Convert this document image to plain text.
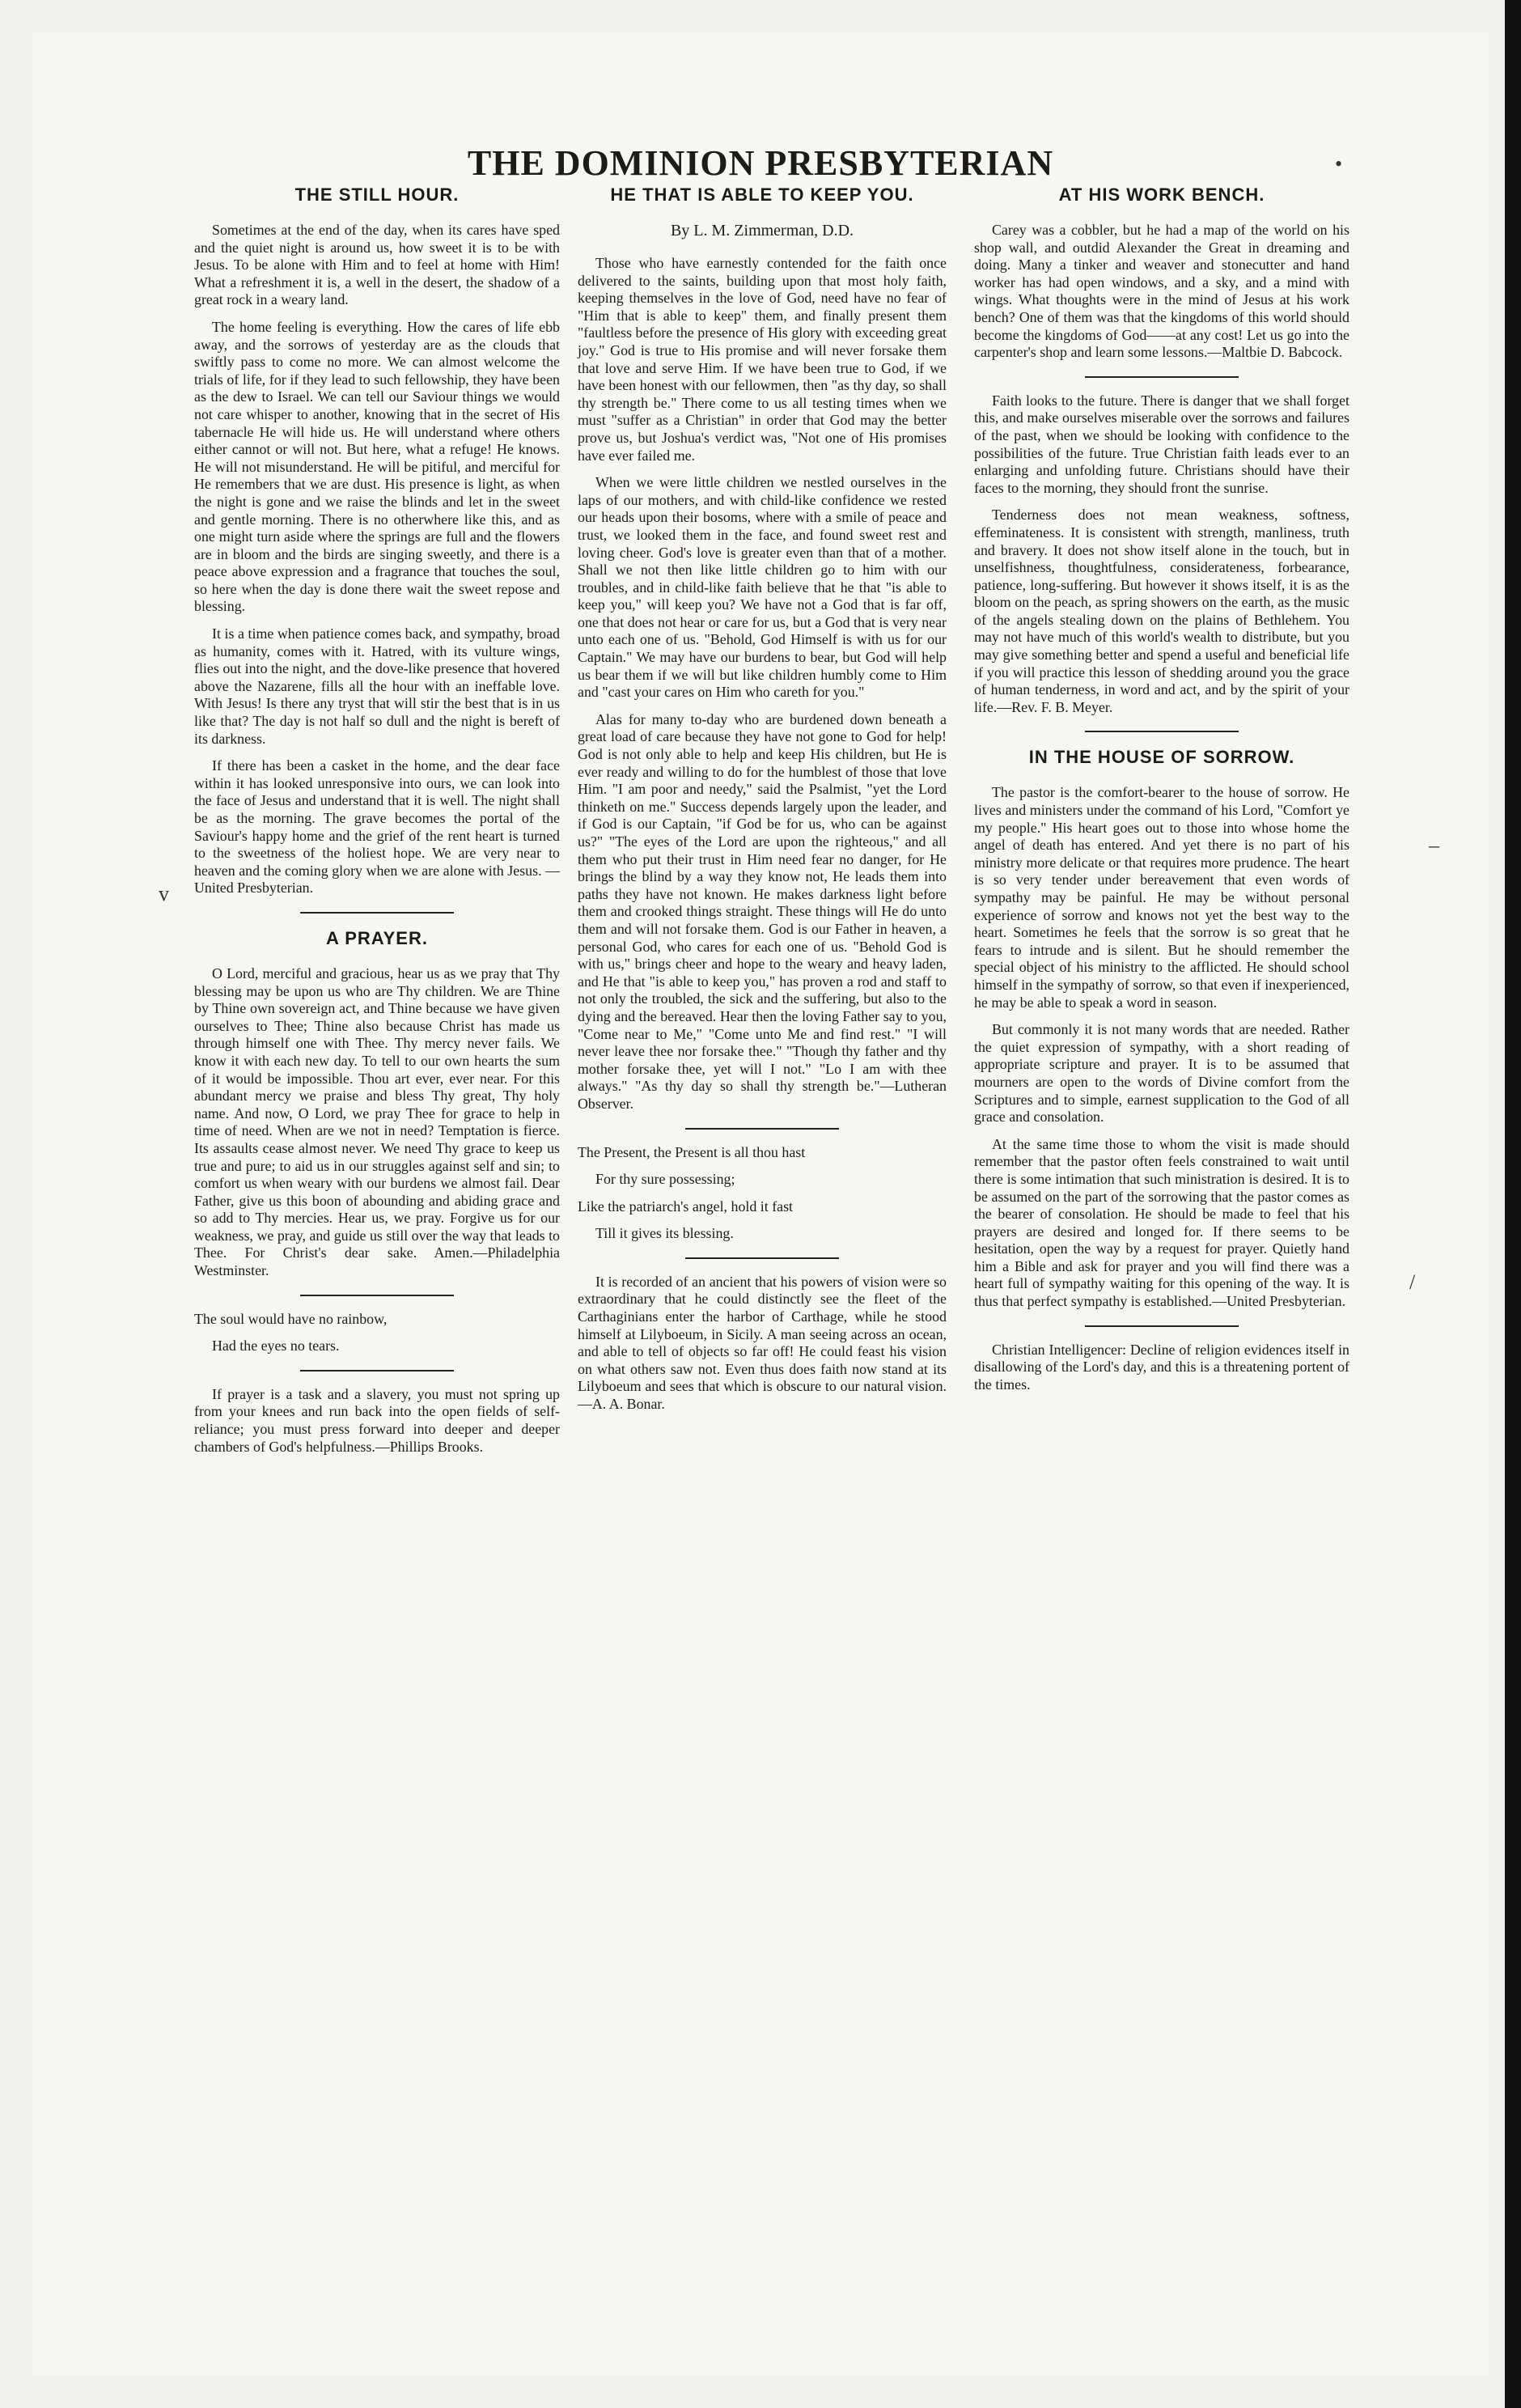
THE DOMINION PRESBYTERIAN
THE STILL HOUR.

Sometimes at the end of the day, when its cares have sped and the quiet night is around us, how sweet it is to be with Jesus. To be alone with Him and to feel at home with Him! What a refreshment it is, a well in the desert, the shadow of a great rock in a weary land.

The home feeling is everything. How the cares of life ebb away, and the sorrows of yesterday are as the clouds that swiftly pass to come no more. We can almost welcome the trials of life, for if they lead to such fellowship, they have been as the dew to Israel. We can tell our Saviour things we would not care whisper to another, knowing that in the secret of His tabernacle He will hide us. He will understand where others either cannot or will not. But here, what a refuge! He knows. He will not misunderstand. He will be pitiful, and merciful for He remembers that we are dust. His presence is light, as when the night is gone and we raise the blinds and let in the sweet and gentle morning. There is no otherwhere like this, and as one might turn aside where the springs are full and the flowers are in bloom and the birds are singing sweetly, and there is a peace above expression and a fragrance that touches the soul, so here when the day is done there wait the sweet repose and blessing.

It is a time when patience comes back, and sympathy, broad as humanity, comes with it. Hatred, with its vulture wings, flies out into the night, and the dove-like presence that hovered above the Nazarene, fills all the hour with an ineffable love. With Jesus! Is there any tryst that will stir the best that is in us like that? The day is not half so dull and the night is bereft of its darkness.

If there has been a casket in the home, and the dear face within it has looked unresponsive into ours, we can look into the face of Jesus and understand that it is well. The night shall be as the morning. The grave becomes the portal of the Saviour's happy home and the grief of the rent heart is turned to the sweetness of the holiest hope. We are very near to heaven and the coming glory when we are alone with Jesus. —United Presbyterian.

A PRAYER.

O Lord, merciful and gracious, hear us as we pray that Thy blessing may be upon us who are Thy children. We are Thine by Thine own sovereign act, and Thine because we have given ourselves to Thee; Thine also because Christ has made us through himself one with Thee. Thy mercy never fails. We know it with each new day. To tell to our own hearts the sum of it would be impossible. Thou art ever, ever near. For this abundant mercy we praise and bless Thy great, Thy holy name. And now, O Lord, we pray Thee for grace to help in time of need. When are we not in need? Temptation is fierce. Its assaults cease almost never. We need Thy grace to keep us true and pure; to aid us in our struggles against self and sin; to comfort us when weary with our burdens we almost fail. Dear Father, give us this boon of abounding and abiding grace and so add to Thy mercies. Hear us, we pray. Forgive us for our weakness, we pray, and guide us still over the way that leads to Thee. For Christ's dear sake. Amen.—Philadelphia Westminster.

The soul would have no rainbow,

Had the eyes no tears.

If prayer is a task and a slavery, you must not spring up from your knees and run back into the open fields of self-reliance; you must press forward into deeper and deeper chambers of God's helpfulness.—Phillips Brooks.

HE THAT IS ABLE TO KEEP YOU.
By L. M. Zimmerman, D.D.

Those who have earnestly contended for the faith once delivered to the saints, building upon that most holy faith, keeping themselves in the love of God, need have no fear of "Him that is able to keep" them, and finally present them "faultless before the presence of His glory with exceeding great joy." God is true to His promise and will never forsake them that love and serve Him. If we have been true to God, if we have been honest with our fellowmen, then "as thy day, so shall thy strength be." There come to us all testing times when we must "suffer as a Christian" in order that God may the better prove us, but Joshua's verdict was, "Not one of His promises have ever failed me.

When we were little children we nestled ourselves in the laps of our mothers, and with child-like confidence we rested our heads upon their bosoms, where with a smile of peace and trust, we looked them in the face, and found sweet rest and loving cheer. God's love is greater even than that of a mother. Shall we not then like little children go to him with our troubles, and in child-like faith believe that he that "is able to keep you," will keep you? We have not a God that is far off, one that does not hear or care for us, but a God that is very near unto each one of us. "Behold, God Himself is with us for our Captain." We may have our burdens to bear, but God will help us bear them if we will but like children humbly come to Him and "cast your cares on Him who careth for you."

Alas for many to-day who are burdened down beneath a great load of care because they have not gone to God for help! God is not only able to help and keep His children, but He is ever ready and willing to do for the humblest of those that love Him. "I am poor and needy," said the Psalmist, "yet the Lord thinketh on me." Success depends largely upon the leader, and if God is our Captain, "if God be for us, who can be against us?" "The eyes of the Lord are upon the righteous," and all them who put their trust in Him need fear no danger, for He brings the blind by a way they know not, He leads them into paths they have not known. He makes darkness light before them and crooked things straight. These things will He do unto them and will not forsake them. God is our Father in heaven, a personal God, who cares for each one of us. "Behold God is with us," brings cheer and hope to the weary and heavy laden, and He that "is able to keep you," has proven a rod and staff to not only the troubled, the sick and the suffering, but also to the dying and the bereaved. Hear then the loving Father say to you, "Come near to Me," "Come unto Me and find rest." "I will never leave thee nor forsake thee." "Though thy father and thy mother forsake thee, yet will I not." "Lo I am with thee always." "As thy day so shall thy strength be."—Lutheran Observer.

The Present, the Present is all thou hast

For thy sure possessing;

Like the patriarch's angel, hold it fast

Till it gives its blessing.

It is recorded of an ancient that his powers of vision were so extraordinary that he could distinctly see the fleet of the Carthaginians enter the harbor of Carthage, while he stood himself at Lilyboeum, in Sicily. A man seeing across an ocean, and able to tell of objects so far off! He could feast his vision on what others saw not. Even thus does faith now stand at its Lilyboeum and sees that which is obscure to our natural vision.—A. A. Bonar.

AT HIS WORK BENCH.

Carey was a cobbler, but he had a map of the world on his shop wall, and outdid Alexander the Great in dreaming and doing. Many a tinker and weaver and stonecutter and hand worker has had open windows, and a sky, and a mind with wings. What thoughts were in the mind of Jesus at his work bench? One of them was that the kingdoms of this world should become the kingdoms of God——at any cost! Let us go into the carpenter's shop and learn some lessons.—Maltbie D. Babcock.

Faith looks to the future. There is danger that we shall forget this, and make ourselves miserable over the sorrows and failures of the past, when we should be looking with confidence to the possibilities of the future. True Christian faith leads ever to an enlarging and unfolding future. Christians should have their faces to the morning, they should front the sunrise.

Tenderness does not mean weakness, softness, effeminateness. It is consistent with strength, manliness, truth and bravery. It does not show itself alone in the touch, but in unselfishness, thoughtfulness, considerateness, forbearance, patience, long-suffering. But however it shows itself, it is as the bloom on the peach, as spring showers on the earth, as the music of the angels stealing down on the plains of Bethlehem. You may not have much of this world's wealth to distribute, but you may give something better and spend a useful and beneficial life if you will practice this lesson of shedding around you the grace of human tenderness, in word and act, and by the spirit of your life.—Rev. F. B. Meyer.

IN THE HOUSE OF SORROW.

The pastor is the comfort-bearer to the house of sorrow. He lives and ministers under the command of his Lord, "Comfort ye my people." His heart goes out to those into whose home the angel of death has entered. And yet there is no part of his ministry more delicate or that requires more prudence. The heart is so very tender under bereavement that even words of sympathy may be painful. He may be without personal experience of sorrow and knows not yet the best way to the heart. Sometimes he feels that the sorrow is so great that he fears to intrude and is silent. But he should remember the special object of his ministry to the afflicted. He should school himself in the sympathy of sorrow, so that even if inexperienced, he may be able to speak a word in season.

But commonly it is not many words that are needed. Rather the quiet expression of sympathy, with a short reading of appropriate scripture and prayer. It is to be assumed that mourners are open to the words of Divine comfort from the Scriptures and to simple, earnest supplication to the God of all grace and consolation.

At the same time those to whom the visit is made should remember that the pastor often feels constrained to wait until there is some intimation that such ministration is desired. It is to be assumed on the part of the sorrowing that the pastor comes as the bearer of consolation. He should be made to feel that his prayers are desired and longed for. If there seems to be hesitation, open the way by a request for prayer. Quietly hand him a Bible and ask for prayer and you will find there was a heart full of sympathy waiting for this opening of the way. It is thus that perfect sympathy is established.—United Presbyterian.

Christian Intelligencer: Decline of religion evidences itself in disallowing of the Lord's day, and this is a threatening portent of the times.

•
–
/
v
